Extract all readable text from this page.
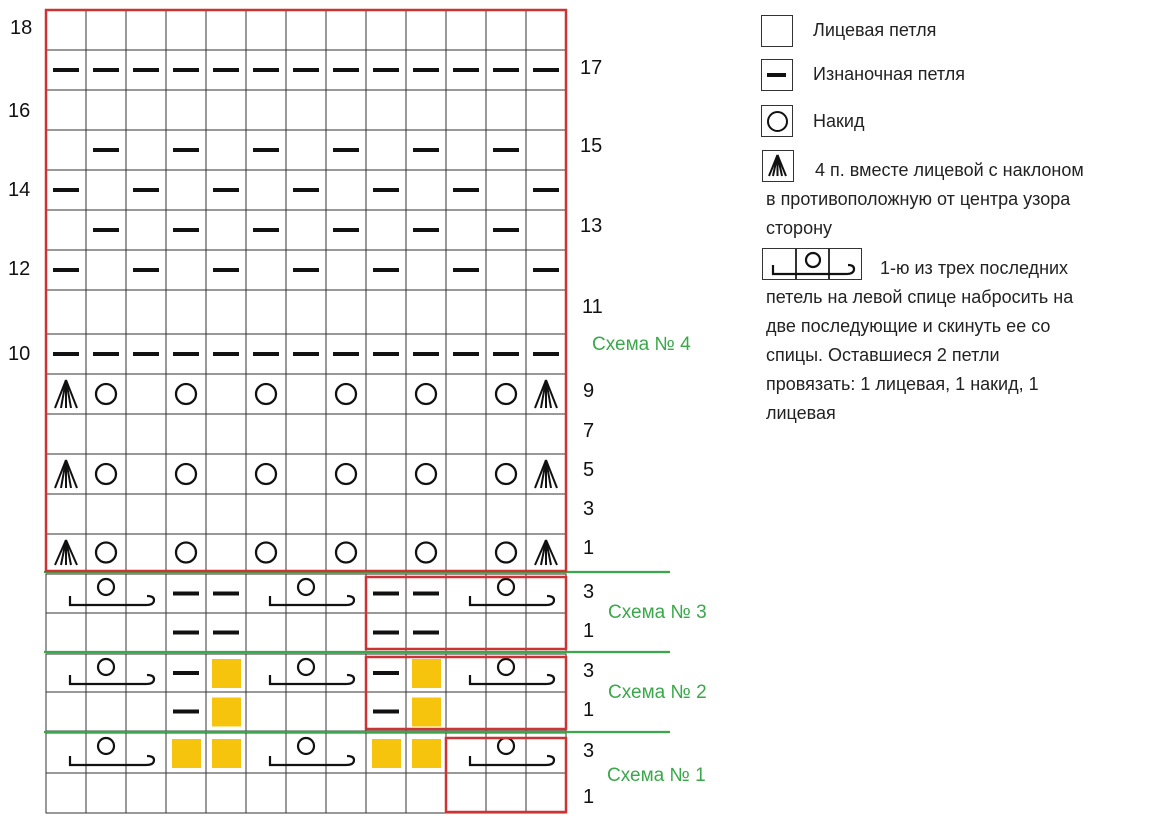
18
16
14
12
10
17
15
13
11
9
7
5
3
1
3
1
3
1
3
1
Схема № 4
Схема № 3
Схема № 2
Схема № 1
Лицевая петля
Изнаночная петля
Накид
4 п. вместе лицевой с наклоном
в противоположную от центра узора
сторону
1-ю из трех последних
петель на левой спице набросить на
две последующие и скинуть ее со
спицы. Оставшиеся 2 петли
провязать: 1 лицевая, 1 накид, 1
лицевая
